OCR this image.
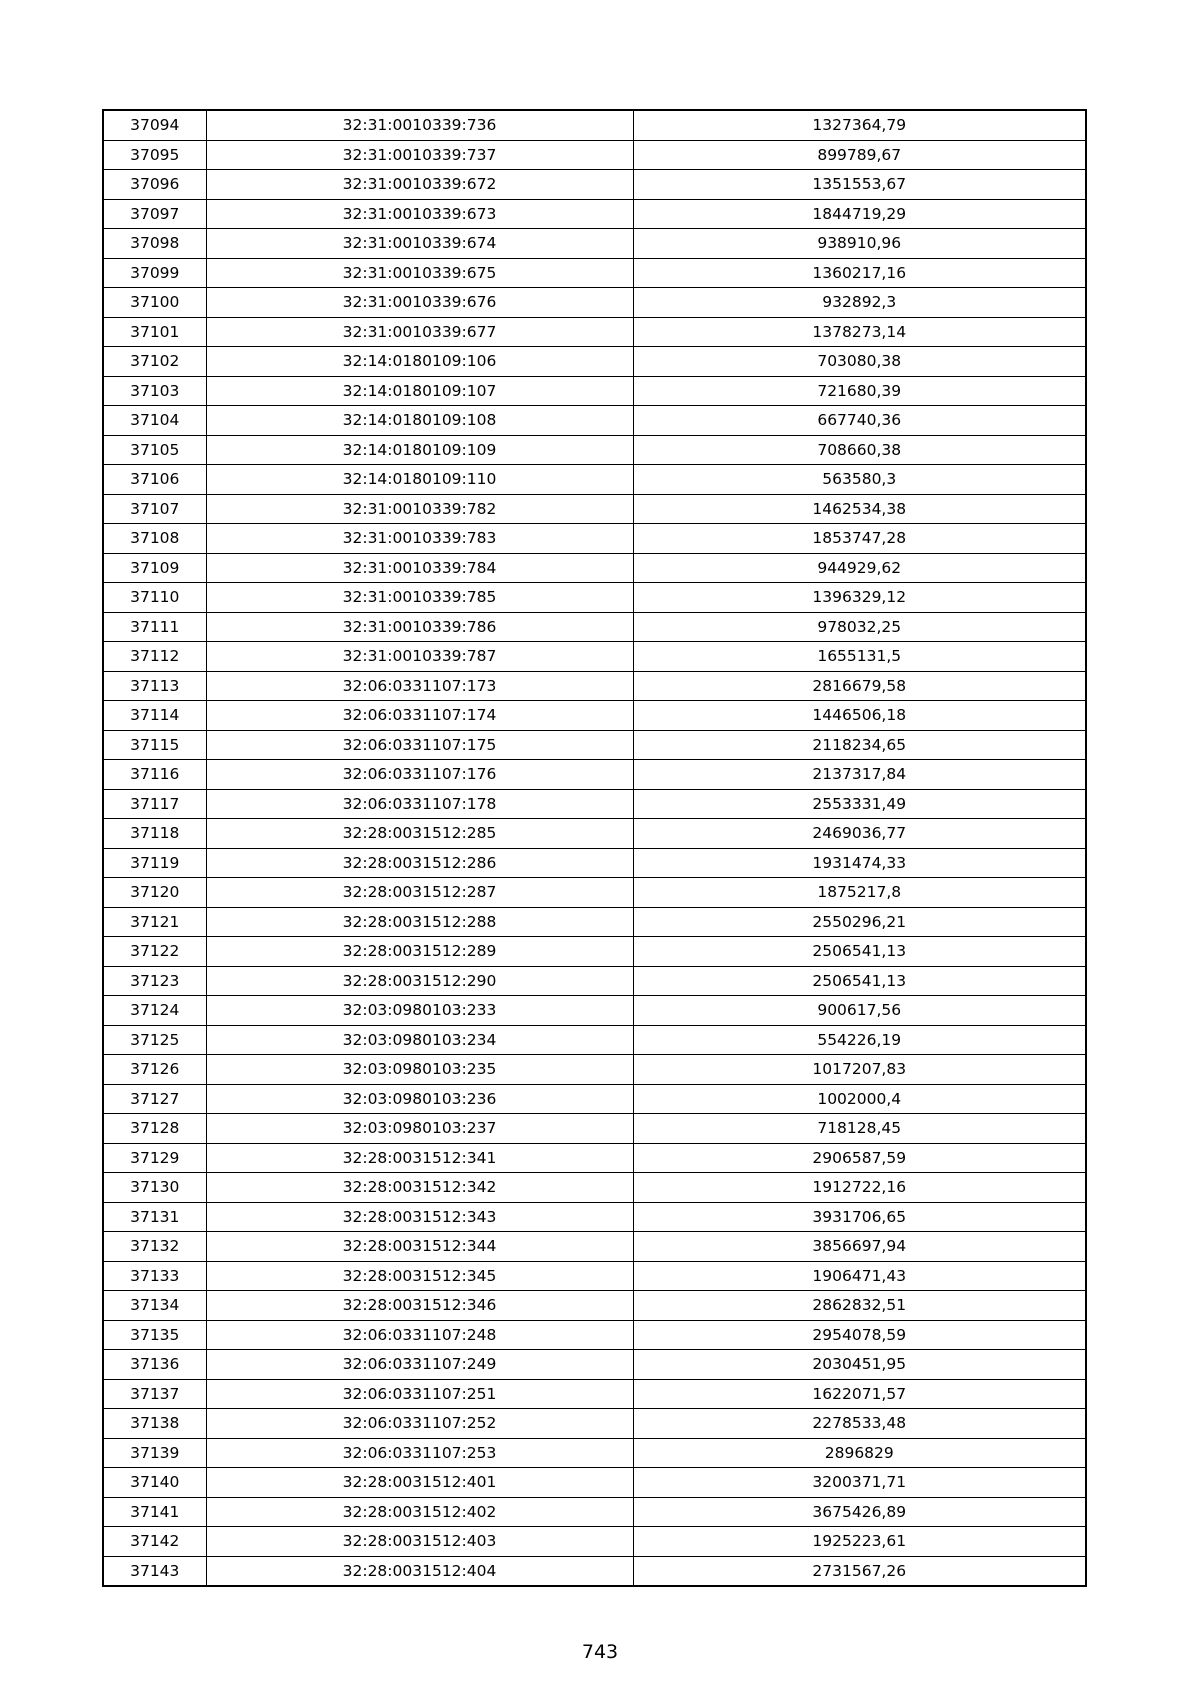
37094	32:31:0010339:736	1327364,79
37095	32:31:0010339:737	899789,67
37096	32:31:0010339:672	1351553,67
37097	32:31:0010339:673	1844719,29
37098	32:31:0010339:674	938910,96
37099	32:31:0010339:675	1360217,16
37100	32:31:0010339:676	932892,3
37101	32:31:0010339:677	1378273,14
37102	32:14:0180109:106	703080,38
37103	32:14:0180109:107	721680,39
37104	32:14:0180109:108	667740,36
37105	32:14:0180109:109	708660,38
37106	32:14:0180109:110	563580,3
37107	32:31:0010339:782	1462534,38
37108	32:31:0010339:783	1853747,28
37109	32:31:0010339:784	944929,62
37110	32:31:0010339:785	1396329,12
37111	32:31:0010339:786	978032,25
37112	32:31:0010339:787	1655131,5
37113	32:06:0331107:173	2816679,58
37114	32:06:0331107:174	1446506,18
37115	32:06:0331107:175	2118234,65
37116	32:06:0331107:176	2137317,84
37117	32:06:0331107:178	2553331,49
37118	32:28:0031512:285	2469036,77
37119	32:28:0031512:286	1931474,33
37120	32:28:0031512:287	1875217,8
37121	32:28:0031512:288	2550296,21
37122	32:28:0031512:289	2506541,13
37123	32:28:0031512:290	2506541,13
37124	32:03:0980103:233	900617,56
37125	32:03:0980103:234	554226,19
37126	32:03:0980103:235	1017207,83
37127	32:03:0980103:236	1002000,4
37128	32:03:0980103:237	718128,45
37129	32:28:0031512:341	2906587,59
37130	32:28:0031512:342	1912722,16
37131	32:28:0031512:343	3931706,65
37132	32:28:0031512:344	3856697,94
37133	32:28:0031512:345	1906471,43
37134	32:28:0031512:346	2862832,51
37135	32:06:0331107:248	2954078,59
37136	32:06:0331107:249	2030451,95
37137	32:06:0331107:251	1622071,57
37138	32:06:0331107:252	2278533,48
37139	32:06:0331107:253	2896829
37140	32:28:0031512:401	3200371,71
37141	32:28:0031512:402	3675426,89
37142	32:28:0031512:403	1925223,61
37143	32:28:0031512:404	2731567,26
743
